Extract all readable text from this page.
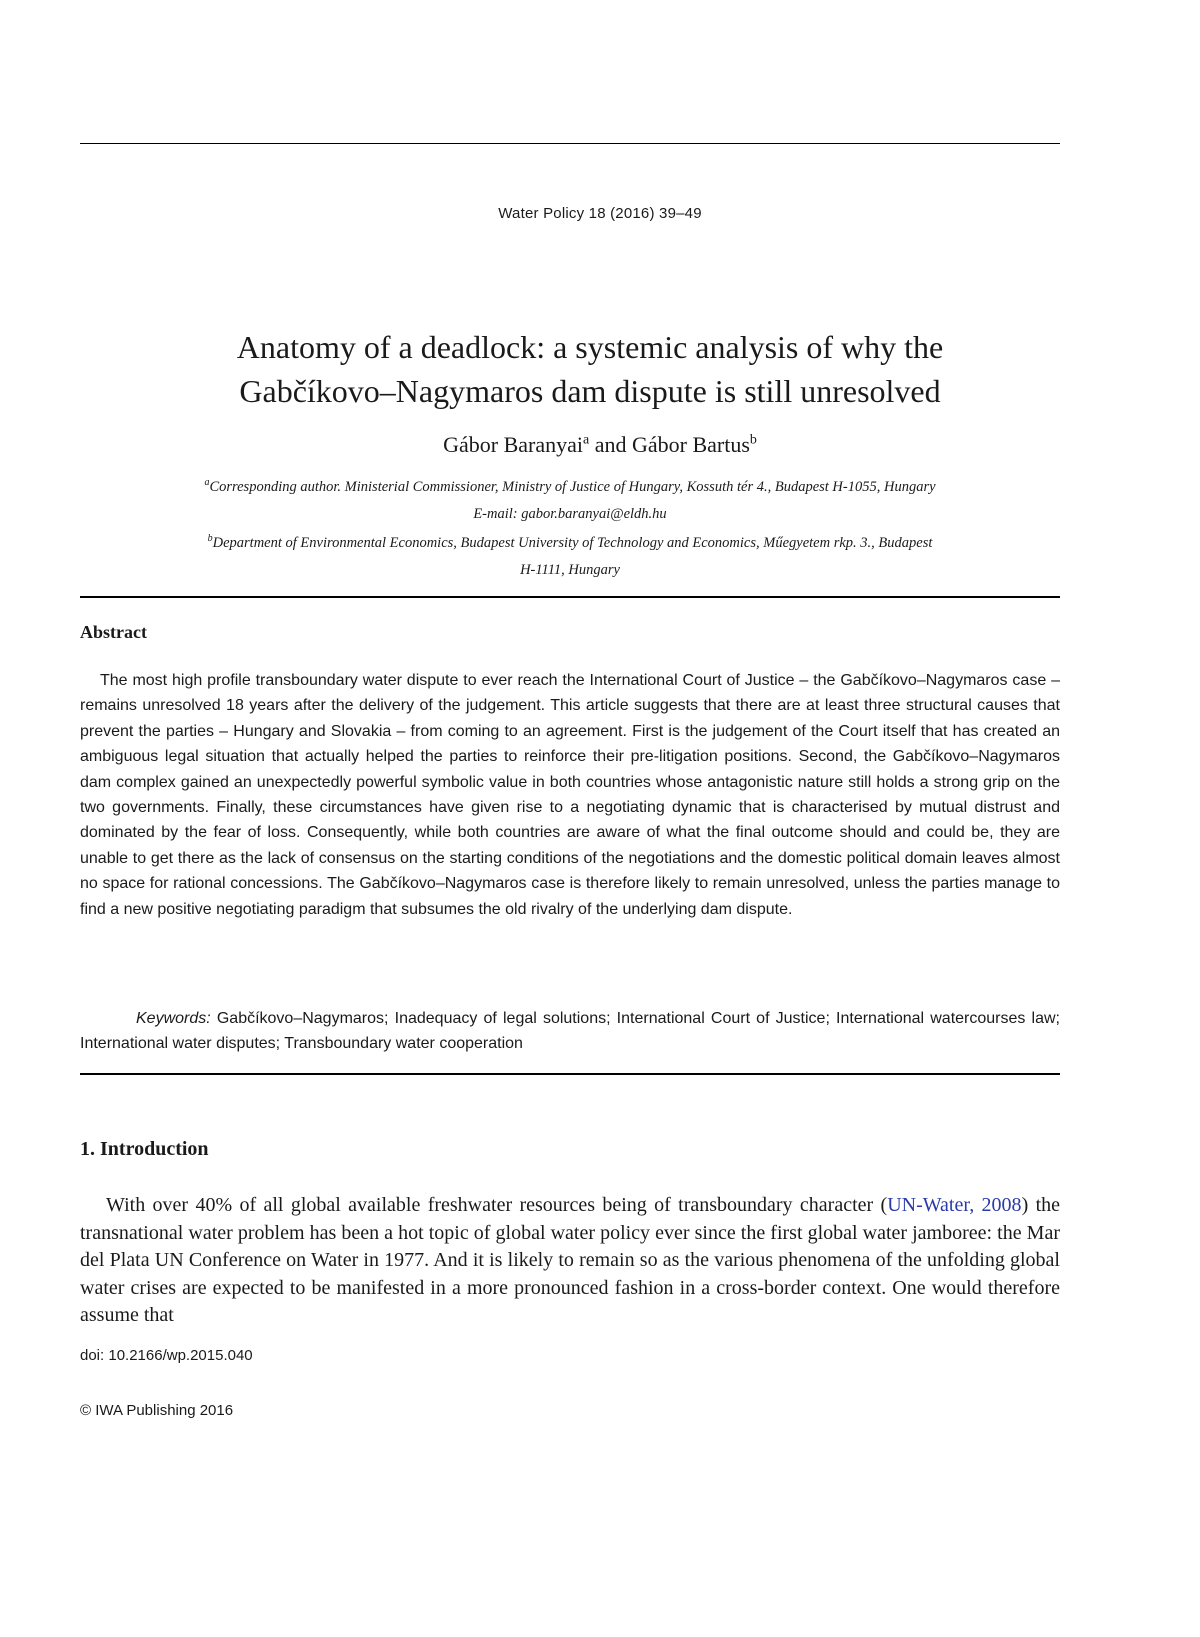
Water Policy 18 (2016) 39–49
Anatomy of a deadlock: a systemic analysis of why the
Gabčíkovo–Nagymaros dam dispute is still unresolved
Gábor Baranyai$^a$ and Gábor Bartus$^b$
$^a$Corresponding author. Ministerial Commissioner, Ministry of Justice of Hungary, Kossuth tér 4., Budapest H-1055, Hungary
E-mail: gabor.baranyai@eldh.hu
$^b$Department of Environmental Economics, Budapest University of Technology and Economics, Műegyetem rkp. 3., Budapest
H-1111, Hungary
Abstract
The most high profile transboundary water dispute to ever reach the International Court of Justice – the Gabčíkovo–Nagymaros case – remains unresolved 18 years after the delivery of the judgement. This article suggests that there are at least three structural causes that prevent the parties – Hungary and Slovakia – from coming to an agreement. First is the judgement of the Court itself that has created an ambiguous legal situation that actually helped the parties to reinforce their pre-litigation positions. Second, the Gabčíkovo–Nagymaros dam complex gained an unexpectedly powerful symbolic value in both countries whose antagonistic nature still holds a strong grip on the two governments. Finally, these circumstances have given rise to a negotiating dynamic that is characterised by mutual distrust and dominated by the fear of loss. Consequently, while both countries are aware of what the final outcome should and could be, they are unable to get there as the lack of consensus on the starting conditions of the negotiations and the domestic political domain leaves almost no space for rational concessions. The Gabčíkovo–Nagymaros case is therefore likely to remain unresolved, unless the parties manage to find a new positive negotiating paradigm that subsumes the old rivalry of the underlying dam dispute.
Keywords: Gabčíkovo–Nagymaros; Inadequacy of legal solutions; International Court of Justice; International watercourses law; International water disputes; Transboundary water cooperation
1. Introduction
With over 40% of all global available freshwater resources being of transboundary character (UN-Water, 2008) the transnational water problem has been a hot topic of global water policy ever since the first global water jamboree: the Mar del Plata UN Conference on Water in 1977. And it is likely to remain so as the various phenomena of the unfolding global water crises are expected to be manifested in a more pronounced fashion in a cross-border context. One would therefore assume that
doi: 10.2166/wp.2015.040
© IWA Publishing 2016
